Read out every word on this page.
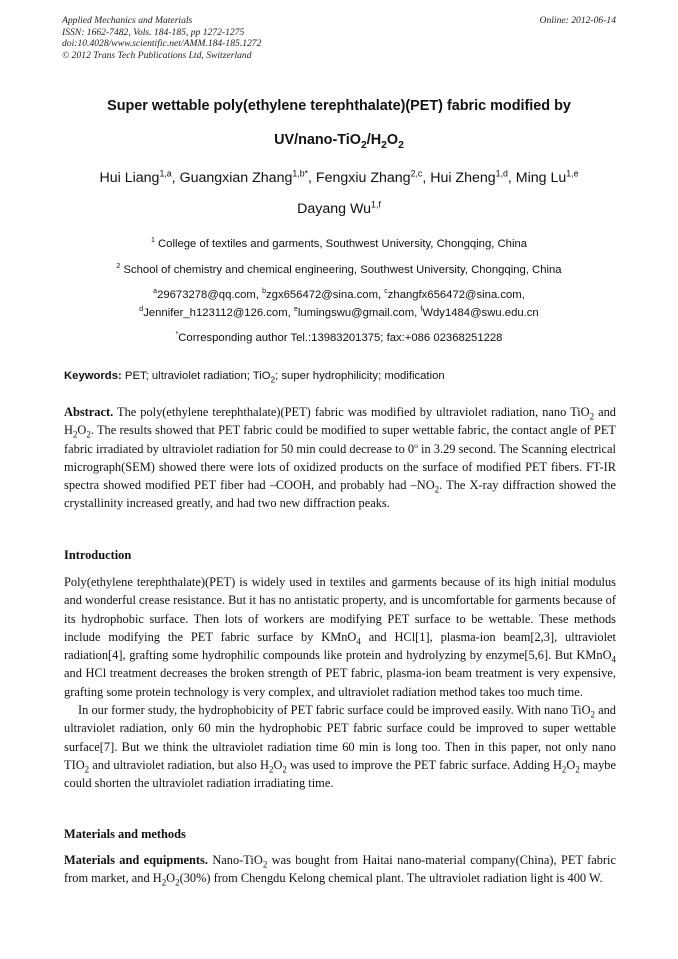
Applied Mechanics and Materials
ISSN: 1662-7482, Vols. 184-185, pp 1272-1275
doi:10.4028/www.scientific.net/AMM.184-185.1272
© 2012 Trans Tech Publications Ltd, Switzerland
Online: 2012-06-14
Super wettable poly(ethylene terephthalate)(PET) fabric modified by
$UV/nano-TiO_2/H_2O_2$
Hui Liang$^{1,a}$, Guangxian Zhang$^{1,b*}$, Fengxiu Zhang$^{2,c}$, Hui Zheng$^{1,d}$, Ming Lu$^{1,e}$
Dayang Wu$^{1,f}$
$^1$ College of textiles and garments, Southwest University, Chongqing, China
$^2$ School of chemistry and chemical engineering, Southwest University, Chongqing, China
$^a$29673278@qq.com, $^b$zgx656472@sina.com, $^c$zhangfx656472@sina.com,
$^d$Jennifer_h123112@126.com, $^e$lumingswu@gmail.com, $^f$Wdy1484@swu.edu.cn
*Corresponding author Tel.:13983201375; fax:+086 02368251228
Keywords: PET; ultraviolet radiation; TiO$_2$; super hydrophilicity; modification
Abstract. The poly(ethylene terephthalate)(PET) fabric was modified by ultraviolet radiation, nano TiO$_2$ and $H_2O_2$. The results showed that PET fabric could be modified to super wettable fabric, the contact angle of PET fabric irradiated by ultraviolet radiation for 50 min could decrease to 0$^o$ in 3.29 second. The Scanning electrical micrograph(SEM) showed there were lots of oxidized products on the surface of modified PET fibers. FT-IR spectra showed modified PET fiber had –COOH, and probably had $-NO_2$. The X-ray diffraction showed the crystallinity increased greatly, and had two new diffraction peaks.
Introduction
Poly(ethylene terephthalate)(PET) is widely used in textiles and garments because of its high initial modulus and wonderful crease resistance. But it has no antistatic property, and is uncomfortable for garments because of its hydrophobic surface. Then lots of workers are modifying PET surface to be wettable. These methods include modifying the PET fabric surface by KMnO$_4$ and HCl[1], plasma-ion beam[2,3], ultraviolet radiation[4], grafting some hydrophilic compounds like protein and hydrolyzing by enzyme[5,6]. But KMnO$_4$ and HCl treatment decreases the broken strength of PET fabric, plasma-ion beam treatment is very expensive, grafting some protein technology is very complex, and ultraviolet radiation method takes too much time.
In our former study, the hydrophobicity of PET fabric surface could be improved easily. With nano TiO$_2$ and ultraviolet radiation, only 60 min the hydrophobic PET fabric surface could be improved to super wettable surface[7]. But we think the ultraviolet radiation time 60 min is long too. Then in this paper, not only nano $TIO_2$ and ultraviolet radiation, but also $H_2O_2$ was used to improve the PET fabric surface. Adding $H_2O_2$ maybe could shorten the ultraviolet radiation irradiating time.
Materials and methods
Materials and equipments. Nano-TiO$_2$ was bought from Haitai nano-material company(China), PET fabric from market, and $H_2O_2(30\%)$ from Chengdu Kelong chemical plant. The ultraviolet radiation light is 400 W.
